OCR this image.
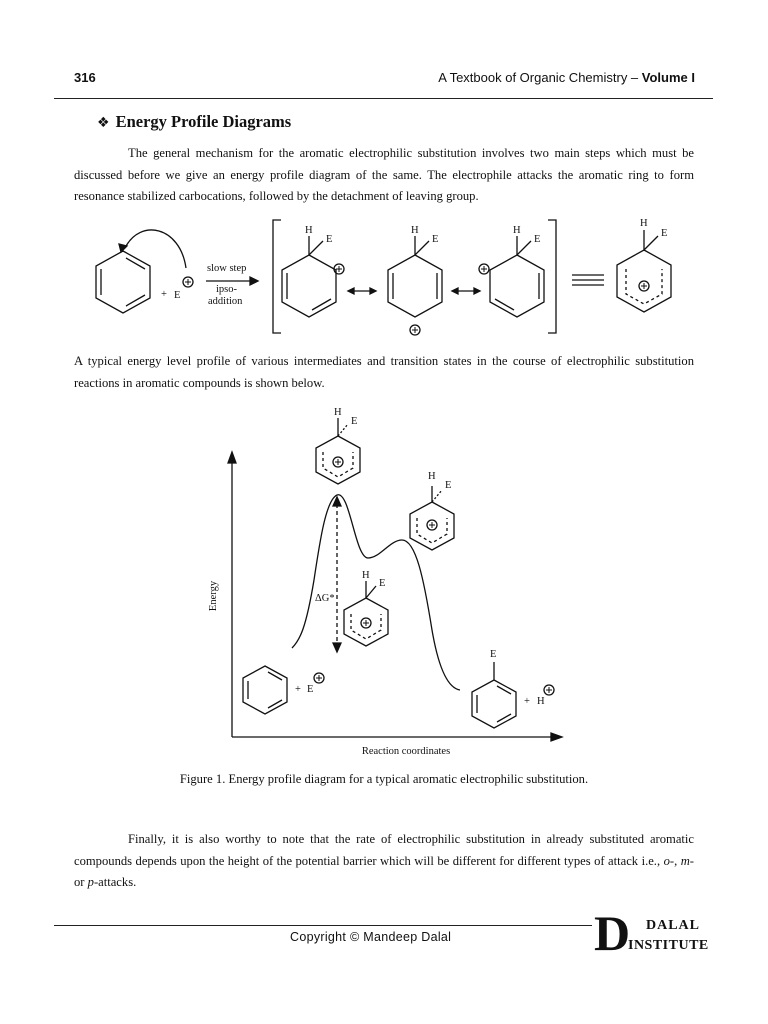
316	A Textbook of Organic Chemistry – Volume I
❖ Energy Profile Diagrams
The general mechanism for the aromatic electrophilic substitution involves two main steps which must be discussed before we give an energy profile diagram of the same. The electrophile attacks the aromatic ring to form resonance stabilized carbocations, followed by the detachment of leaving group.
+ E
slow step
ipso-
addition
H
E
H
E
H
E
H
E
A typical energy level profile of various intermediates and transition states in the course of electrophilic substitution reactions in aromatic compounds is shown below.
H
E
H
E
H
E
ΔG*
+ E
E
+ H
Reaction coordinates
Energy
Figure 1. Energy profile diagram for a typical aromatic electrophilic substitution.
Finally, it is also worthy to note that the rate of electrophilic substitution in already substituted aromatic compounds depends upon the height of the potential barrier which will be different for different types of attack i.e., o-, m- or p-attacks.
Copyright © Mandeep Dalal	D DALAL
INSTITUTE
